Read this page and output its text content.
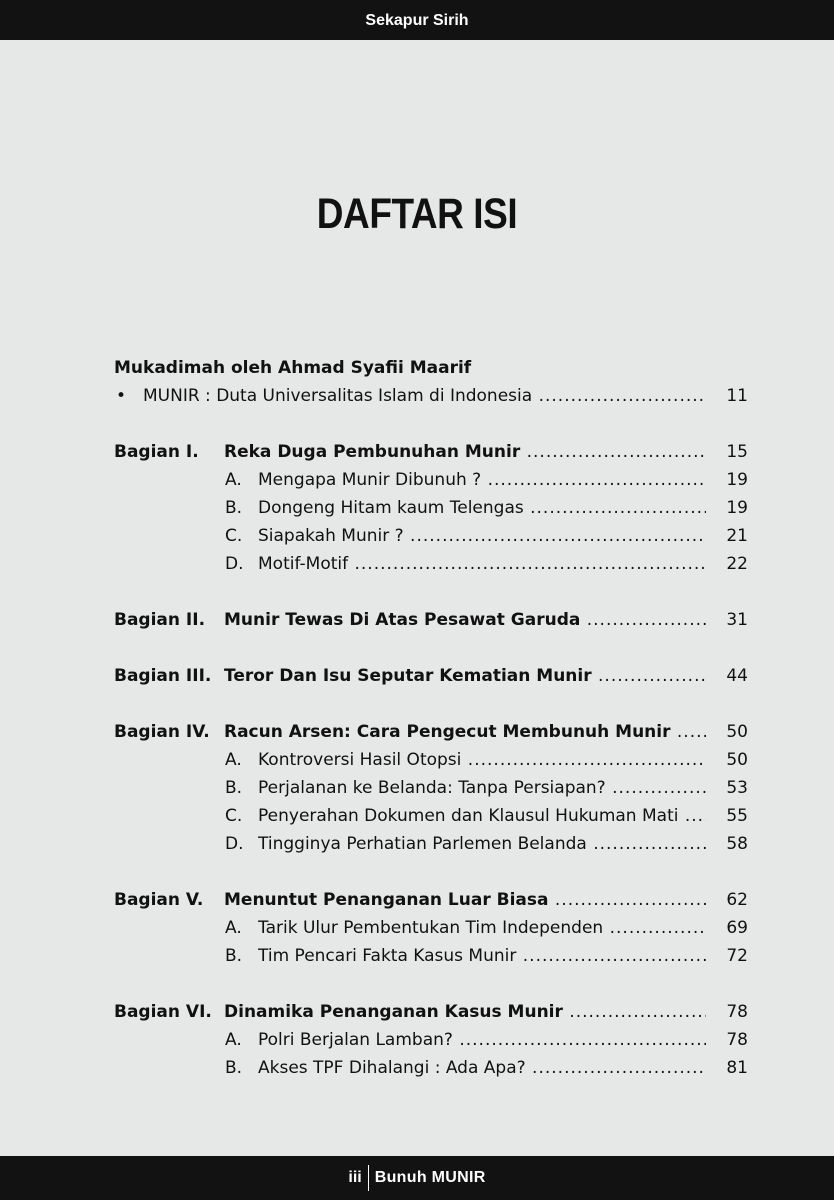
Sekapur Sirih
DAFTAR ISI
Mukadimah oleh Ahmad Syafii Maarif
• MUNIR : Duta Universalitas Islam di Indonesia .....	11
Bagian I. Reka Duga Pembunuhan Munir .....	15
A. Mengapa Munir Dibunuh ? .....	19
B. Dongeng Hitam kaum Telengas .....	19
C. Siapakah Munir ? .....	21
D. Motif-Motif .....	22
Bagian II. Munir Tewas Di Atas Pesawat Garuda .....	31
Bagian III. Teror Dan Isu Seputar Kematian Munir .....	44
Bagian IV. Racun Arsen: Cara Pengecut Membunuh Munir .....	50
A. Kontroversi Hasil Otopsi .....	50
B. Perjalanan ke Belanda: Tanpa Persiapan? .....	53
C. Penyerahan Dokumen dan Klausul Hukuman Mati .....	55
D. Tingginya Perhatian Parlemen Belanda .....	58
Bagian V. Menuntut Penanganan Luar Biasa .....	62
A. Tarik Ulur Pembentukan Tim Independen .....	69
B. Tim Pencari Fakta Kasus Munir .....	72
Bagian VI. Dinamika Penanganan Kasus Munir .....	78
A. Polri Berjalan Lamban? .....	78
B. Akses TPF Dihalangi : Ada Apa? .....	81
iii Bunuh MUNIR
